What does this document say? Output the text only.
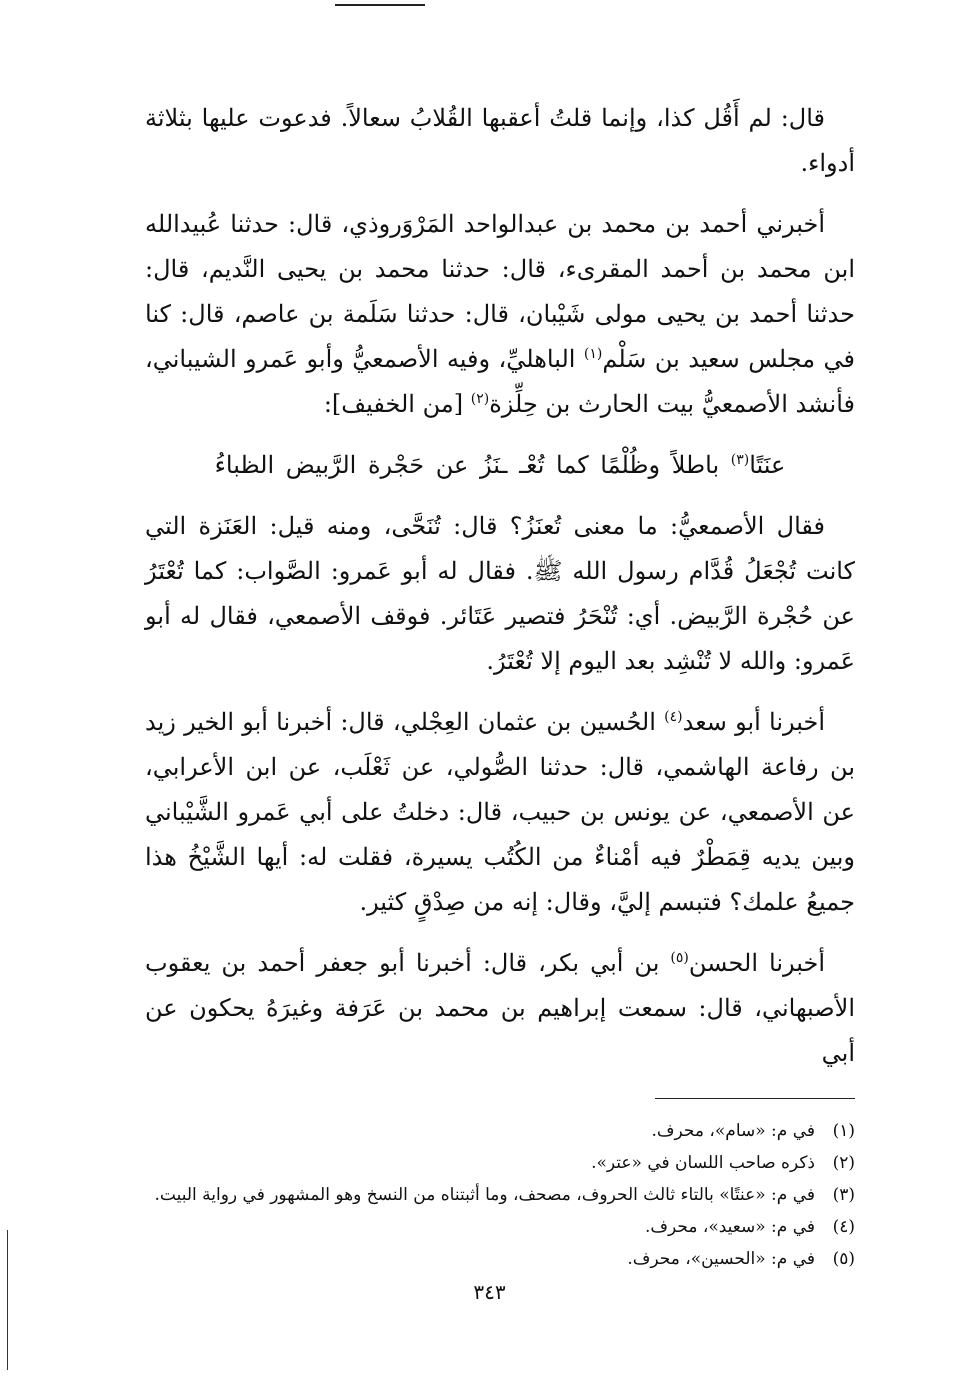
قال: لم أَقُل كذا، وإنما قلتُ أعقبها القُلابُ سعالاً. فدعوت عليها بثلاثة أدواء.

أخبرني أحمد بن محمد بن عبدالواحد المَرْوَروذي، قال: حدثنا عُبيدالله ابن محمد بن أحمد المقرىء، قال: حدثنا محمد بن يحيى النَّديم، قال: حدثنا أحمد بن يحيى مولى شَيْبان، قال: حدثنا سَلَمة بن عاصم، قال: كنا في مجلس سعيد بن سَلْم$^{(١)}$ الباهليِّ، وفيه الأصمعيُّ وأبو عَمرو الشيباني، فأنشد الأصمعيُّ بيت الحارث بن حِلِّزة$^{(٢)}$ [من الخفيف]:

عنَتًا$^{(٣)}$ باطلاً وظُلْمًا كما تُعْـ ـنَزُ عن حَجْرة الرَّبيض الظباءُ

فقال الأصمعيُّ: ما معنى تُعنَزُ؟ قال: تُنَحَّى، ومنه قيل: العَنَزة التي كانت تُجْعَلُ قُدَّام رسول الله ﷺ. فقال له أبو عَمرو: الصَّواب: كما تُعْتَرُ عن حُجْرة الرَّبيض. أي: تُنْحَرُ فتصير عَتَائر. فوقف الأصمعي، فقال له أبو عَمرو: والله لا تُنْشِد بعد اليوم إلا تُعْتَرُ.

أخبرنا أبو سعد$^{(٤)}$ الحُسين بن عثمان العِجْلي، قال: أخبرنا أبو الخير زيد بن رفاعة الهاشمي، قال: حدثنا الصُّولي، عن ثَعْلَب، عن ابن الأعرابي، عن الأصمعي، عن يونس بن حبيب، قال: دخلتُ على أبي عَمرو الشَّيْباني وبين يديه قِمَطْرٌ فيه أمْناءٌ من الكُتُب يسيرة، فقلت له: أيها الشَّيْخُ هذا جميعُ علمك؟ فتبسم إليَّ، وقال: إنه من صِدْقٍ كثير.

أخبرنا الحسن$^{(٥)}$ بن أبي بكر، قال: أخبرنا أبو جعفر أحمد بن يعقوب الأصبهاني، قال: سمعت إبراهيم بن محمد بن عَرَفة وغيرَهُ يحكون عن أبي

(١)
في م: «سام»، محرف.
(٢)
ذكره صاحب اللسان في «عتر».
(٣)
في م: «عنتًا» بالتاء ثالث الحروف، مصحف، وما أثبتناه من النسخ وهو المشهور في رواية البيت.
(٤)
في م: «سعيد»، محرف.
(٥)
في م: «الحسين»، محرف.
٣٤٣
